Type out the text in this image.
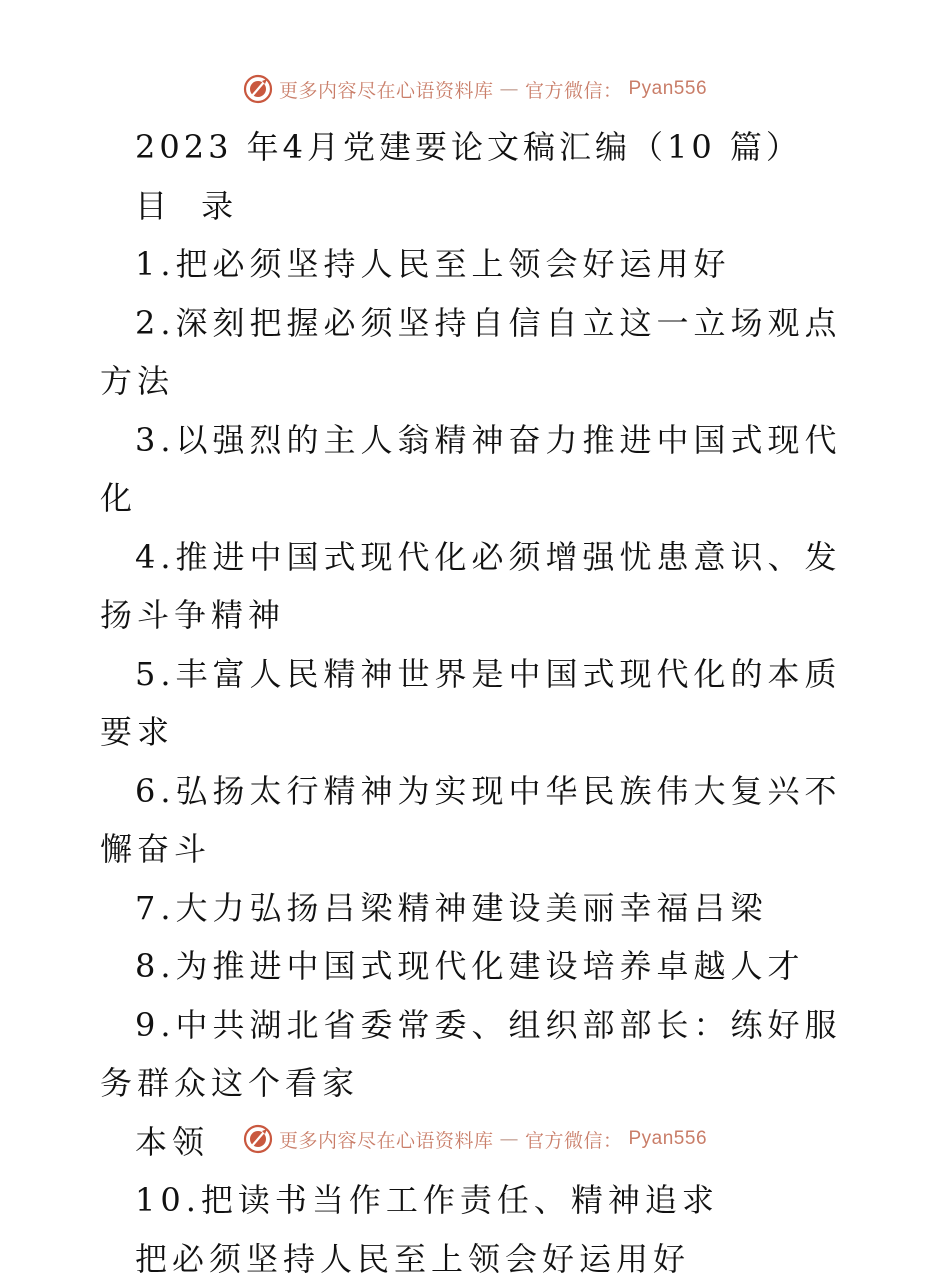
更多内容尽在心语资料库 — 官方微信： Pyan556

2023 年4月党建要论文稿汇编（10 篇）

目 录

1.把必须坚持人民至上领会好运用好

2.深刻把握必须坚持自信自立这一立场观点方法

3.以强烈的主人翁精神奋力推进中国式现代化

4.推进中国式现代化必须增强忧患意识、发扬斗争精神

5.丰富人民精神世界是中国式现代化的本质要求

6.弘扬太行精神为实现中华民族伟大复兴不懈奋斗

7.大力弘扬吕梁精神建设美丽幸福吕梁

8.为推进中国式现代化建设培养卓越人才

9.中共湖北省委常委、组织部部长：练好服务群众这个看家

本领

10.把读书当作工作责任、精神追求

把必须坚持人民至上领会好运用好

更多内容尽在心语资料库 — 官方微信： Pyan556
